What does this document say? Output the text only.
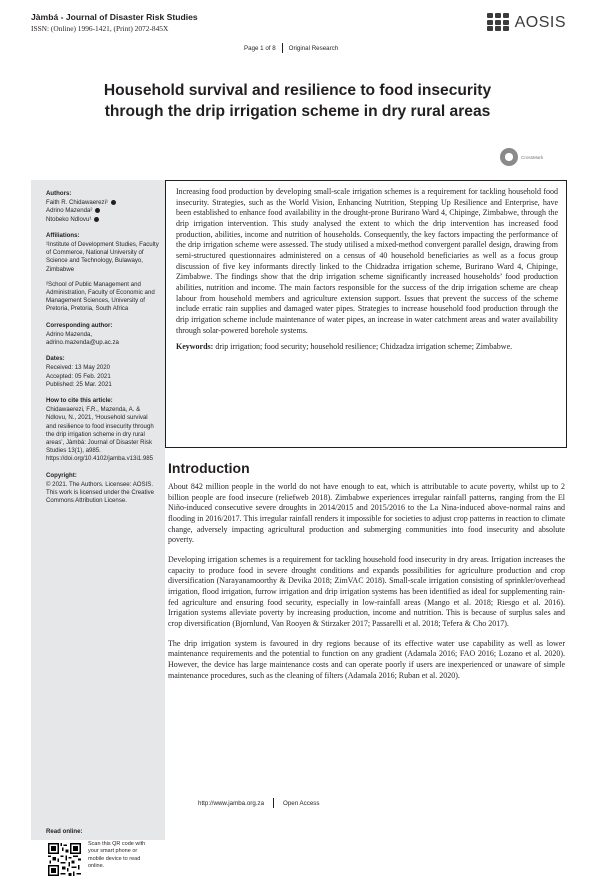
Jàmbá - Journal of Disaster Risk Studies
ISSN: (Online) 1996-1421, (Print) 2072-845X	AOSIS
Page 1 of 8 Original Research
Household survival and resilience to food insecurity through the drip irrigation scheme in dry rural areas
CrossMark
Authors:
Faith R. Chidawaerezi¹
Adrino Mazenda²
Ntobeko Ndlovu¹
Affiliations:
¹Institute of Development Studies, Faculty of Commerce, National University of Science and Technology, Bulawayo, Zimbabwe
²School of Public Management and Administration, Faculty of Economic and Management Sciences, University of Pretoria, Pretoria, South Africa
Corresponding author:
Adrino Mazenda,
adrino.mazenda@up.ac.za
Dates:
Received: 13 May 2020
Accepted: 05 Feb. 2021
Published: 25 Mar. 2021
How to cite this article:
Chidawaerezi, F.R., Mazenda, A. & Ndlovu, N., 2021, ‘Household survival and resilience to food insecurity through the drip irrigation scheme in dry rural areas’, Jàmbá: Journal of Disaster Risk Studies 13(1), a985. https://doi.org/10.4102/jamba.v13i1.985
Copyright:
© 2021. The Authors. Licensee: AOSIS. This work is licensed under the Creative Commons Attribution License.
Read online:
Scan this QR code with your smart phone or mobile device to read online.

Increasing food production by developing small-scale irrigation schemes is a requirement for tackling household food insecurity. Strategies, such as the World Vision, Enhancing Nutrition, Stepping Up Resilience and Enterprise, have been established to enhance food availability in the drought-prone Burirano Ward 4, Chipinge, Zimbabwe, through the drip irrigation intervention. This study analysed the extent to which the drip intervention has increased food production, abilities, income and nutrition of households. Consequently, the key factors impacting the performance of the drip irrigation scheme were assessed. The study utilised a mixed-method convergent parallel design, drawing from semi-structured questionnaires administered on a census of 40 household beneficiaries as well as a focus group discussion of five key informants directly linked to the Chidzadza irrigation scheme, Burirano Ward 4, Chipinge, Zimbabwe. The findings show that the drip irrigation scheme significantly increased households’ food production abilities, nutrition and income. The main factors responsible for the success of the drip irrigation scheme are cheap labour from household members and agriculture extension support. Issues that prevent the success of the scheme include erratic rain supplies and damaged water pipes. Strategies to increase household food production through the drip irrigation scheme include maintenance of water pipes, an increase in water catchment areas and water availability through solar-powered borehole systems.

Keywords: drip irrigation; food security; household resilience; Chidzadza irrigation scheme; Zimbabwe.

Introduction

About 842 million people in the world do not have enough to eat, which is attributable to acute poverty, whilst up to 2 billion people are food insecure (reliefweb 2018). Zimbabwe experiences irregular rainfall patterns, ranging from the El Niño-induced consecutive severe droughts in 2014/2015 and 2015/2016 to the La Nina-induced above-normal rains and flooding in 2016/2017. This irregular rainfall renders it impossible for societies to adjust crop patterns in reaction to climate change, adversely impacting agricultural production and submerging communities into food insecurity and absolute poverty.

Developing irrigation schemes is a requirement for tackling household food insecurity in dry areas. Irrigation increases the capacity to produce food in severe drought conditions and expands possibilities for agriculture production and crop diversification (Narayanamoorthy & Devika 2018; ZimVAC 2018). Small-scale irrigation consisting of sprinkler/overhead irrigation, flood irrigation, furrow irrigation and drip irrigation systems has been identified as ideal for supplementing rain-fed agriculture and ensuring food security, especially in low-rainfall areas (Mango et al. 2018; Riesgo et al. 2016). Irrigation systems alleviate poverty by increasing production, income and nutrition. This is because of surplus sales and crop diversification (Bjornlund, Van Rooyen & Stirzaker 2017; Passarelli et al. 2018; Tefera & Cho 2017).

The drip irrigation system is favoured in dry regions because of its effective water use capability as well as lower maintenance requirements and the potential to function on any gradient (Adamala 2016; FAO 2016; Lozano et al. 2020). However, the device has large maintenance costs and can operate poorly if users are inexperienced or unaware of simple maintenance procedures, such as the cleaning of filters (Adamala 2016; Ruban et al. 2020).

http://www.jamba.org.za	Open Access
